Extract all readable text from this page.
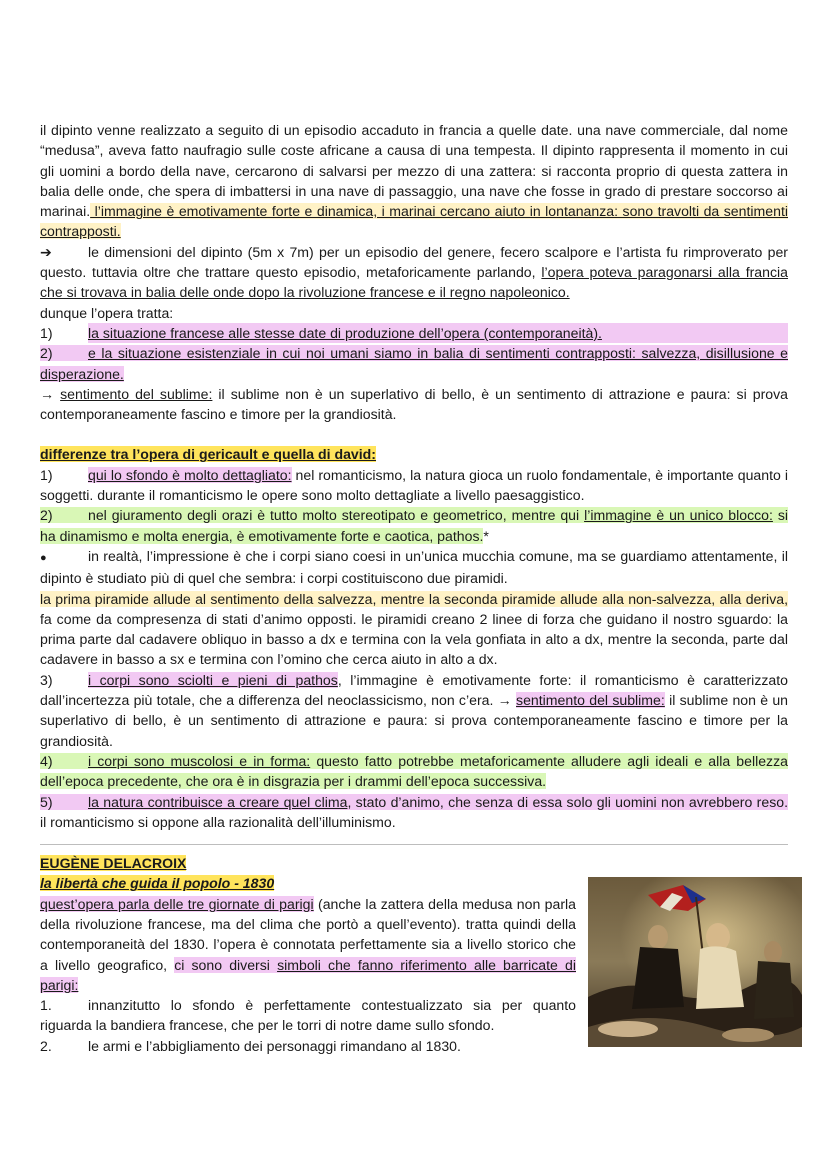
il dipinto venne realizzato a seguito di un episodio accaduto in francia a quelle date. una nave commerciale, dal nome “medusa”, aveva fatto naufragio sulle coste africane a causa di una tempesta. Il dipinto rappresenta il momento in cui gli uomini a bordo della nave, cercarono di salvarsi per mezzo di una zattera: si racconta proprio di questa zattera in balia delle onde, che spera di imbattersi in una nave di passaggio, una nave che fosse in grado di prestare soccorso ai marinai. l’immagine è emotivamente forte e dinamica, i marinai cercano aiuto in lontananza: sono travolti da sentimenti contrapposti.

➔	le dimensioni del dipinto (5m x 7m) per un episodio del genere, fecero scalpore e l’artista fu rimproverato per questo. tuttavia oltre che trattare questo episodio, metaforicamente parlando, l’opera poteva paragonarsi alla francia che si trovava in balia delle onde dopo la rivoluzione francese e il regno napoleonico.

dunque l’opera tratta:

1)	la situazione francese alle stesse date di produzione dell’opera (contemporaneità).

2)	e la situazione esistenziale in cui noi umani siamo in balia di sentimenti contrapposti: salvezza, disillusione e disperazione.

→ sentimento del sublime: il sublime non è un superlativo di bello, è un sentimento di attrazione e paura: si prova contemporaneamente fascino e timore per la grandiosità.

differenze tra l’opera di gericault e quella di david:

1)	qui lo sfondo è molto dettagliato: nel romanticismo, la natura gioca un ruolo fondamentale, è importante quanto i soggetti. durante il romanticismo le opere sono molto dettagliate a livello paesaggistico.

2)	nel giuramento degli orazi è tutto molto stereotipato e geometrico, mentre qui l’immagine è un unico blocco: si ha dinamismo e molta energia, è emotivamente forte e caotica, pathos.*

●	in realtà, l’impressione è che i corpi siano coesi in un’unica mucchia comune, ma se guardiamo attentamente, il dipinto è studiato più di quel che sembra: i corpi costituiscono due piramidi.

la prima piramide allude al sentimento della salvezza, mentre la seconda piramide allude alla non-salvezza, alla deriva, fa come da compresenza di stati d’animo opposti. le piramidi creano 2 linee di forza che guidano il nostro sguardo: la prima parte dal cadavere obliquo in basso a dx e termina con la vela gonfiata in alto a dx, mentre la seconda, parte dal cadavere in basso a sx e termina con l’omino che cerca aiuto in alto a dx.

3)	i corpi sono sciolti e pieni di pathos, l’immagine è emotivamente forte: il romanticismo è caratterizzato dall’incertezza più totale, che a differenza del neoclassicismo, non c’era. → sentimento del sublime: il sublime non è un superlativo di bello, è un sentimento di attrazione e paura: si prova contemporaneamente fascino e timore per la grandiosità.

4)	i corpi sono muscolosi e in forma: questo fatto potrebbe metaforicamente alludere agli ideali e alla bellezza dell’epoca precedente, che ora è in disgrazia per i drammi dell’epoca successiva.

5)	la natura contribuisce a creare quel clima, stato d’animo, che senza di essa solo gli uomini non avrebbero reso. il romanticismo si oppone alla razionalità dell’illuminismo.

EUGÈNE DELACROIX

la libertà che guida il popolo - 1830

quest’opera parla delle tre giornate di parigi (anche la zattera della medusa non parla della rivoluzione francese, ma del clima che portò a quell’evento). tratta quindi della contemporaneità del 1830. l’opera è connotata perfettamente sia a livello storico che a livello geografico, ci sono diversi simboli che fanno riferimento alle barricate di parigi:

1.	innanzitutto lo sfondo è perfettamente contestualizzato sia per quanto riguarda la bandiera francese, che per le torri di notre dame sullo sfondo.

2.	le armi e l’abbigliamento dei personaggi rimandano al 1830.
